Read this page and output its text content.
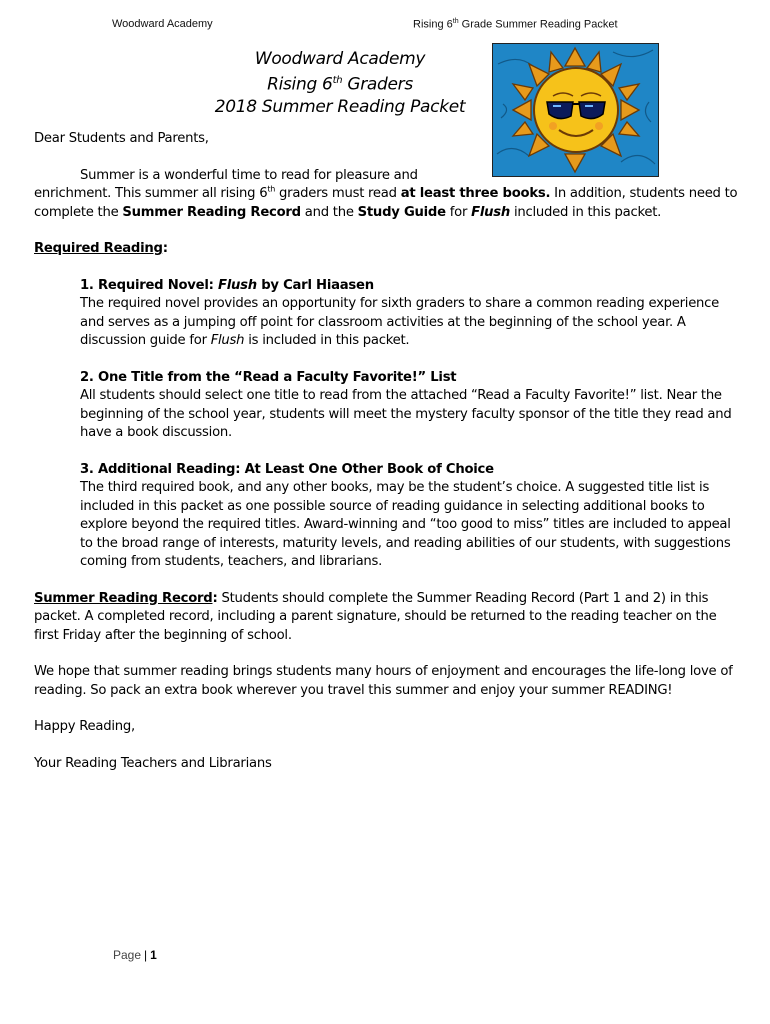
Woodward Academy	Rising 6th Grade Summer Reading Packet
Woodward Academy
Rising 6th Graders
2018 Summer Reading Packet

Dear Students and Parents,

Summer is a wonderful time to read for pleasure and

enrichment. This summer all rising 6th graders must read at least three books. In addition, students need to complete the Summer Reading Record and the Study Guide for Flush included in this packet.

Required Reading:

1. Required Novel: Flush by Carl Hiaasen

The required novel provides an opportunity for sixth graders to share a common reading experience and serves as a jumping off point for classroom activities at the beginning of the school year. A discussion guide for Flush is included in this packet.

2. One Title from the “Read a Faculty Favorite!” List

All students should select one title to read from the attached “Read a Faculty Favorite!” list. Near the beginning of the school year, students will meet the mystery faculty sponsor of the title they read and have a book discussion.

3. Additional Reading: At Least One Other Book of Choice

The third required book, and any other books, may be the student’s choice. A suggested title list is included in this packet as one possible source of reading guidance in selecting additional books to explore beyond the required titles. Award-winning and “too good to miss” titles are included to appeal to the broad range of interests, maturity levels, and reading abilities of our students, with suggestions coming from students, teachers, and librarians.

Summer Reading Record: Students should complete the Summer Reading Record (Part 1 and 2) in this packet. A completed record, including a parent signature, should be returned to the reading teacher on the first Friday after the beginning of school.

We hope that summer reading brings students many hours of enjoyment and encourages the life-long love of reading. So pack an extra book wherever you travel this summer and enjoy your summer READING!

Happy Reading,

Your Reading Teachers and Librarians

Page | 1
